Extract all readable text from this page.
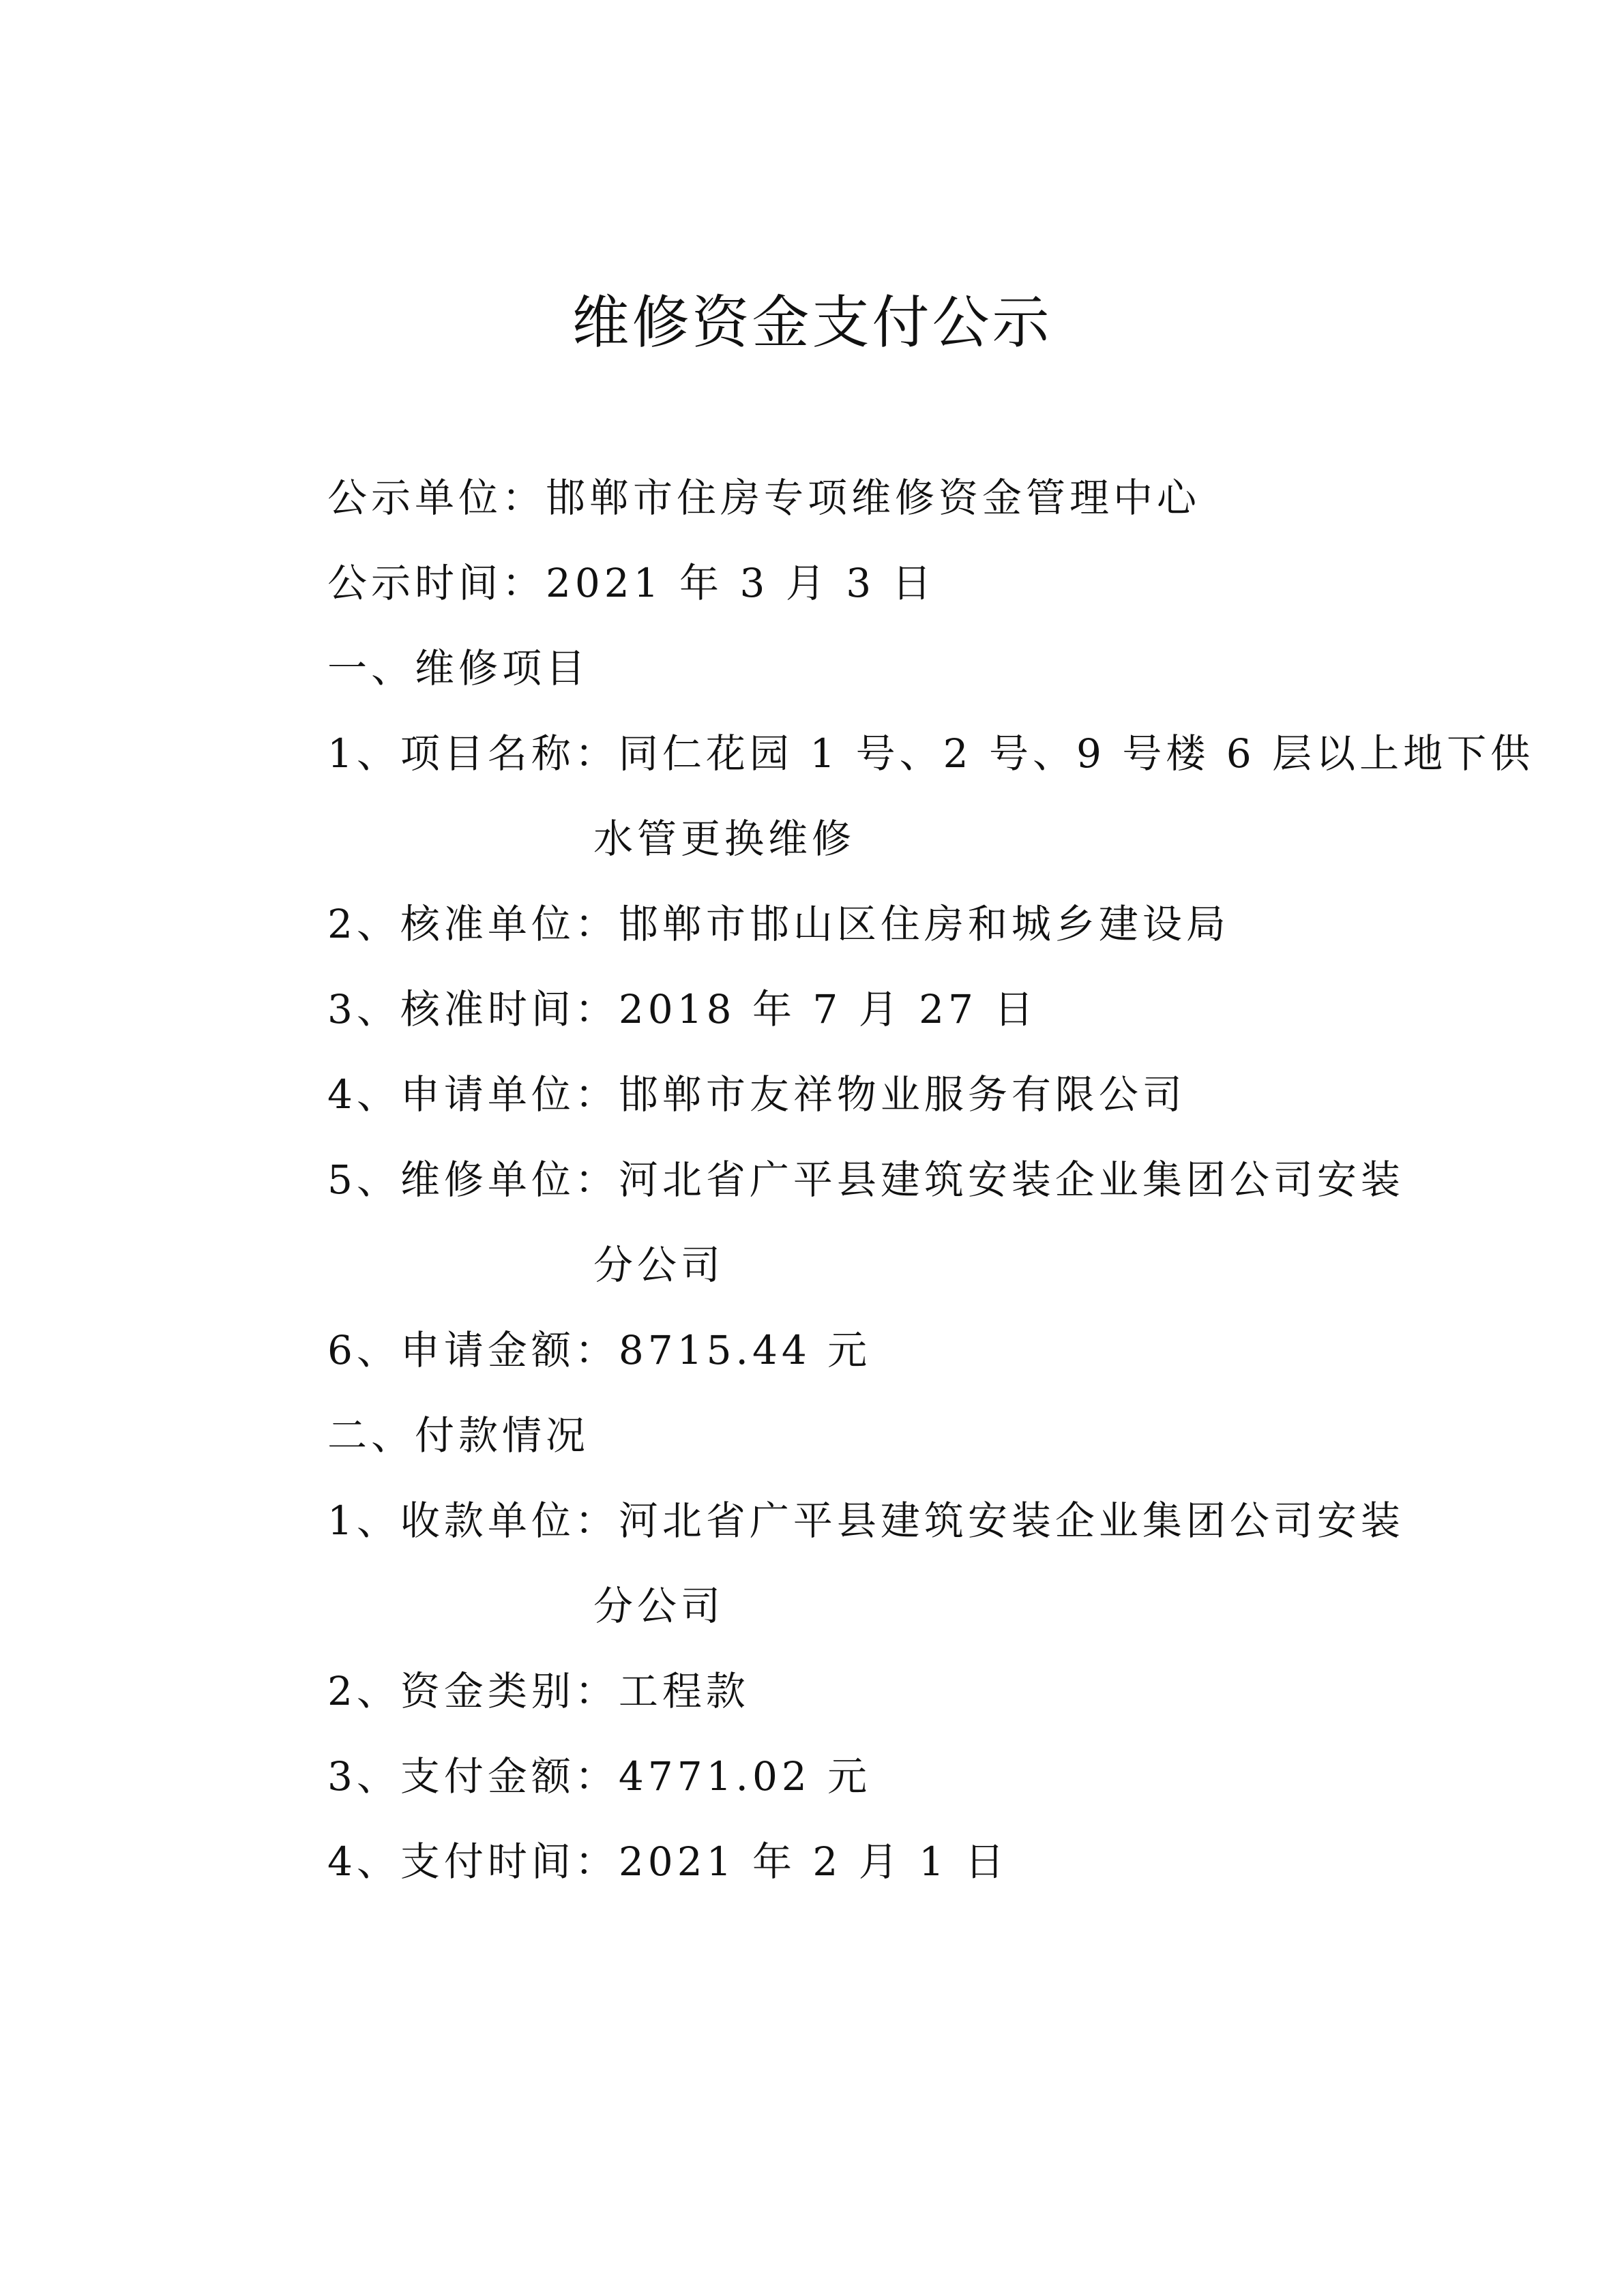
维修资金支付公示
公示单位：邯郸市住房专项维修资金管理中心
公示时间：2021 年 3 月 3 日
一、维修项目
1、项目名称：同仁花园 1 号、2 号、9 号楼 6 层以上地下供
水管更换维修
2、核准单位：邯郸市邯山区住房和城乡建设局
3、核准时间：2018 年 7 月 27 日
4、申请单位：邯郸市友祥物业服务有限公司
5、维修单位：河北省广平县建筑安装企业集团公司安装
分公司
6、申请金额：8715.44 元
二、付款情况
1、收款单位：河北省广平县建筑安装企业集团公司安装
分公司
2、资金类别：工程款
3、支付金额：4771.02 元
4、支付时间：2021 年 2 月 1 日
